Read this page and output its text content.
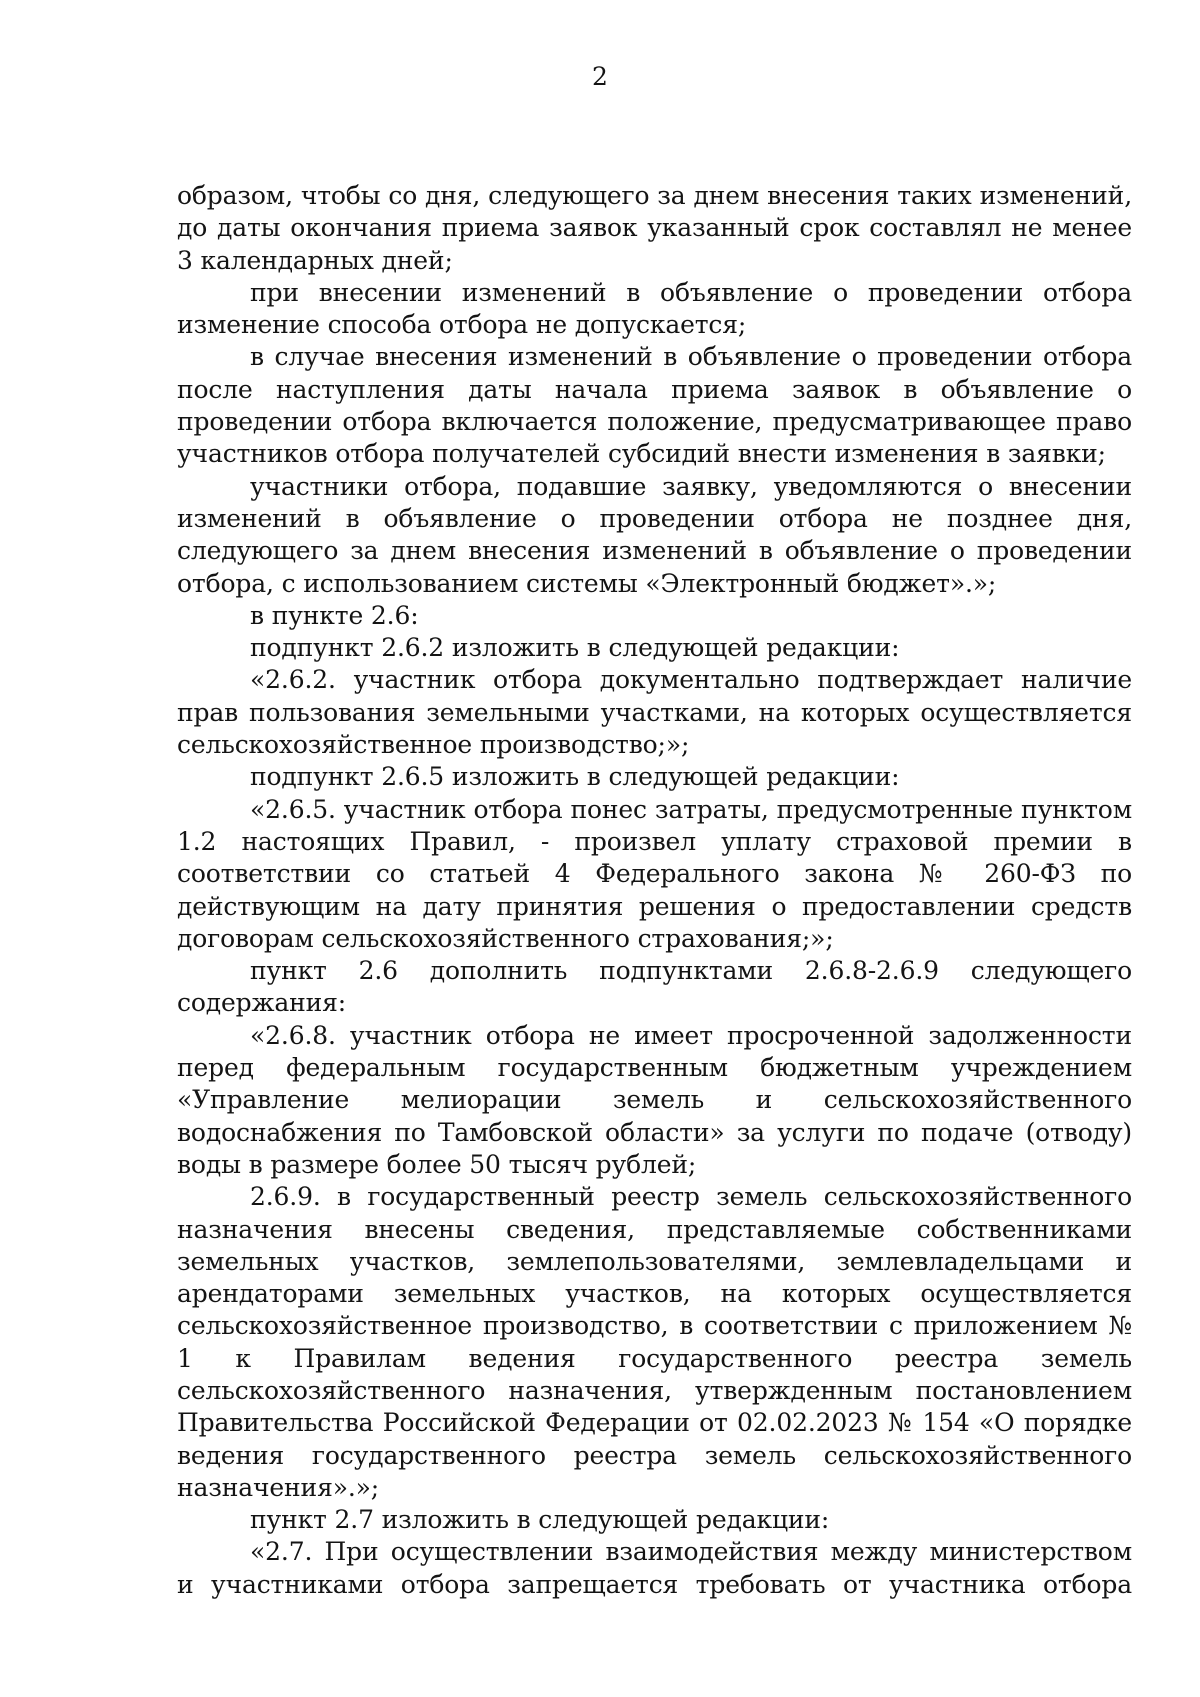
2

образом, чтобы со дня, следующего за днем внесения таких изменений, до даты окончания приема заявок указанный срок составлял не менее 3 календарных дней;

при внесении изменений в объявление о проведении отбора изменение способа отбора не допускается;

в случае внесения изменений в объявление о проведении отбора после наступления даты начала приема заявок в объявление о проведении отбора включается положение, предусматривающее право участников отбора получателей субсидий внести изменения в заявки;

участники отбора, подавшие заявку, уведомляются о внесении изменений в объявление о проведении отбора не позднее дня, следующего за днем внесения изменений в объявление о проведении отбора, с использованием системы «Электронный бюджет».»;

в пункте 2.6:

подпункт 2.6.2 изложить в следующей редакции:

«2.6.2. участник отбора документально подтверждает наличие прав пользования земельными участками, на которых осуществляется сельскохозяйственное производство;»;

подпункт 2.6.5 изложить в следующей редакции:

«2.6.5. участник отбора понес затраты, предусмотренные пунктом 1.2 настоящих Правил, - произвел уплату страховой премии в соответствии со статьей 4 Федерального закона № 260-ФЗ по действующим на дату принятия решения о предоставлении средств договорам сельскохозяйственного страхования;»;

пункт 2.6 дополнить подпунктами 2.6.8-2.6.9 следующего содержания:

«2.6.8. участник отбора не имеет просроченной задолженности перед федеральным государственным бюджетным учреждением «Управление мелиорации земель и сельскохозяйственного водоснабжения по Тамбовской области» за услуги по подаче (отводу) воды в размере более 50 тысяч рублей;

2.6.9. в государственный реестр земель сельскохозяйственного назначения внесены сведения, представляемые собственниками земельных участков, землепользователями, землевладельцами и арендаторами земельных участков, на которых осуществляется сельскохозяйственное производство, в соответствии с приложением № 1 к Правилам ведения государственного реестра земель сельскохозяйственного назначения, утвержденным постановлением Правительства Российской Федерации от 02.02.2023 № 154 «О порядке ведения государственного реестра земель сельскохозяйственного назначения».»;

пункт 2.7 изложить в следующей редакции:

«2.7. При осуществлении взаимодействия между министерством и участниками отбора запрещается требовать от участника отбора
